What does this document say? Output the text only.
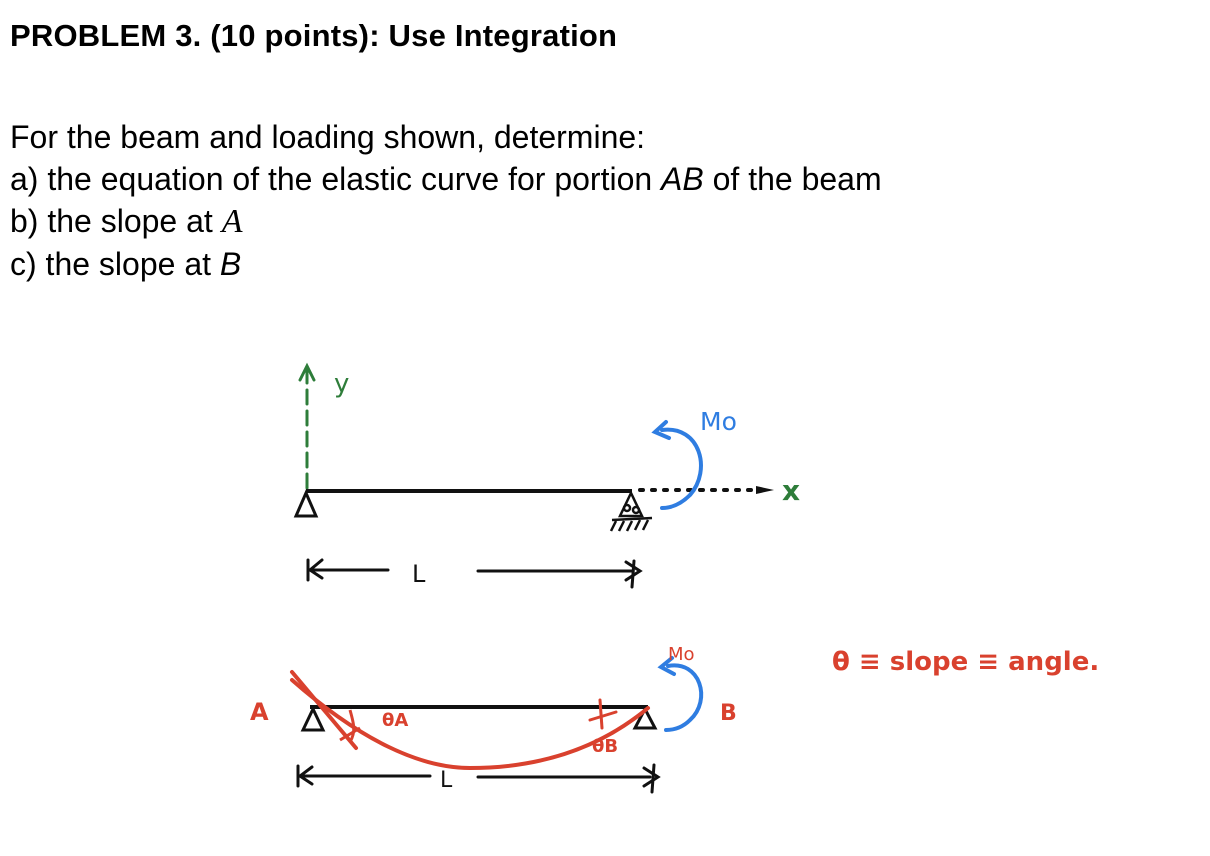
PROBLEM 3. (10 points): Use Integration
For the beam and loading shown, determine:
a) the equation of the elastic curve for portion AB of the beam
b) the slope at A
c) the slope at B
y
x
Mo
L
A	θA
θB
B
Mo
L
θ ≡ slope ≡ angle.
